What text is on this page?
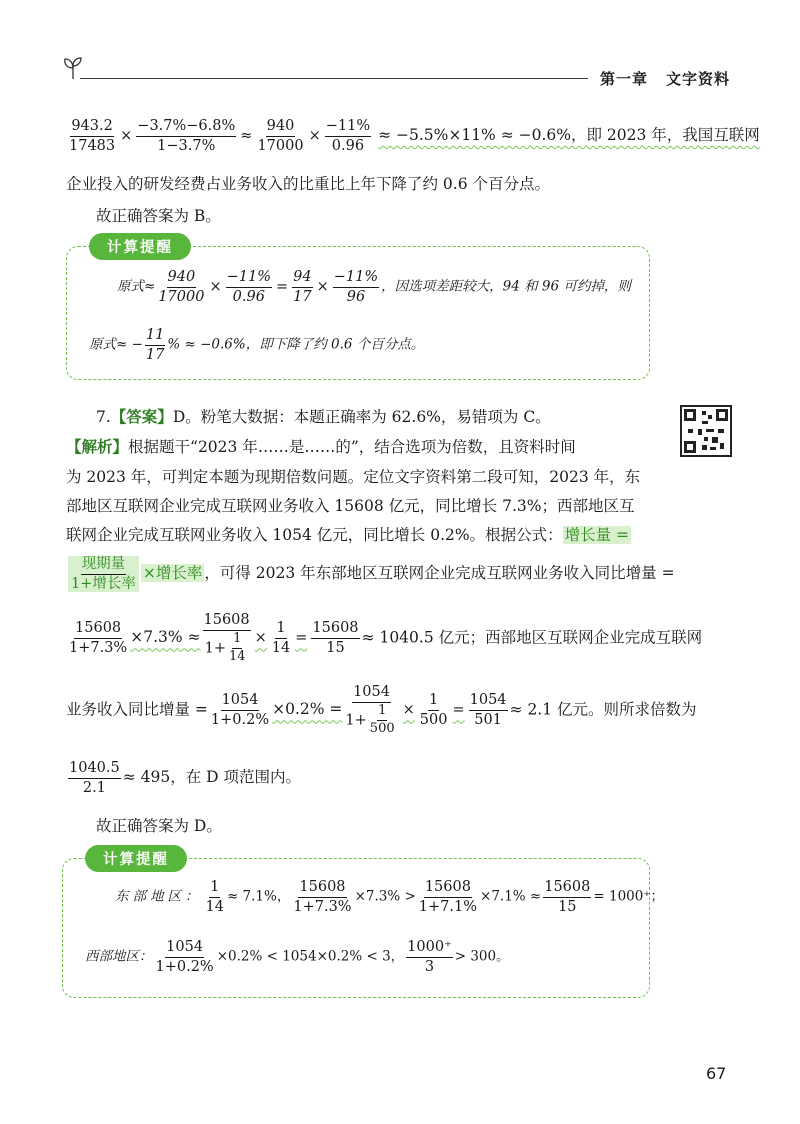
第一章 文字资料
$\frac{943.2}{17483} \times \frac{-3.7\%-6.8\%}{1-3.7\%} \approx \frac{940}{17000} \times \frac{-11\%}{0.96} \approx -5.5\%\times 11\% \approx -0.6\%$，即 2023 年，我国互联网
企业投入的研发经费占业务收入的比重比上年下降了约 0.6 个百分点。
故正确答案为 B。
计算提醒
原式≈ $\frac{940}{17000} \times \frac{-11\%}{0.96} = \frac{94}{17} \times \frac{-11\%}{96}$ ，因选项差距较大，94 和 96 可约掉，则
原式≈ − $\frac{11}{17}$ % ≈ −0.6%，即下降了约 0.6 个百分点。
7.【答案】D。粉笔大数据：本题正确率为 62.6%，易错项为 C。
【解析】根据题干“2023 年……是……的”，结合选项为倍数，且资料时间
为 2023 年，可判定本题为现期倍数问题。定位文字资料第二段可知，2023 年，东
部地区互联网企业完成互联网业务收入 15608 亿元，同比增长 7.3%；西部地区互
联网企业完成互联网业务收入 1054 亿元，同比增长 0.2%。根据公式： 增长量 =
$\frac{\text{现期量}}{\text{1+增长率}}$ ×增长率 ，可得 2023 年东部地区互联网企业完成互联网业务收入同比增量 =
$\frac{15608}{1+7.3\%} \times 7.3\% \approx \frac{15608}{1+ \frac{1}{14}} \times \frac{1}{14} = \frac{15608}{15} \approx 1040.5$ 亿元；西部地区互联网企业完成互联网
业务收入同比增量 = $\frac{1054}{1+0.2\%} \times 0.2\% = \frac{1054}{1+ \frac{1}{500}} \times \frac{1}{500} = \frac{1054}{501} \approx 2.1$ 亿元。则所求倍数为
$\frac{1040.5}{2.1} \approx 495$，在 D 项范围内。
故正确答案为 D。
计算提醒
东部地区： $\frac{1}{14} \approx 7.1\%$， $\frac{15608}{1+7.3\%} \times 7.3\% > \frac{15608}{1+7.1\%} \times 7.1\% \approx \frac{15608}{15} = 1000^+$；
西部地区： $\frac{1054}{1+0.2\%} \times 0.2\% < 1054\times 0.2\% < 3$， $\frac{1000^+}{3} > 300$。
67
